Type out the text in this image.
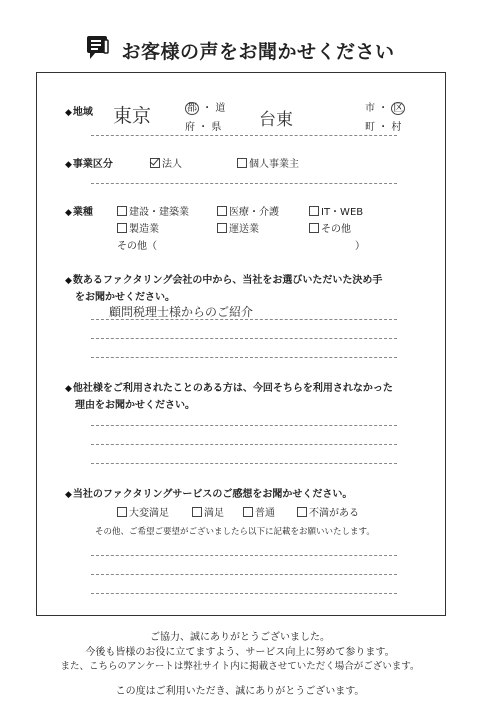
お客様の声をお聞かせください
◆地域 東京	都 ・ 道
府 ・ 県 台東
市 ・ 区
町 ・ 村
◆事業区分	法人	個人事業主
◆業種	建設・建築業	医療・介護	IT・WEB
製造業	運送業	その他
その他（	）
◆数あるファクタリング会社の中から、当社をお選びいただいた決め手
をお聞かせください。
顧問税理士様からのご紹介
◆他社様をご利用されたことのある方は、今回そちらを利用されなかった
理由をお聞かせください。
◆当社のファクタリングサービスのご感想をお聞かせください。
大変満足	満足	普通	不満がある
その他、ご希望ご要望がございましたら以下に記載をお願いいたします。
ご協力、誠にありがとうございました。
今後も皆様のお役に立てますよう、サービス向上に努めて参ります。
また、こちらのアンケートは弊社サイト内に掲載させていただく場合がございます。
この度はご利用いただき、誠にありがとうございます。
